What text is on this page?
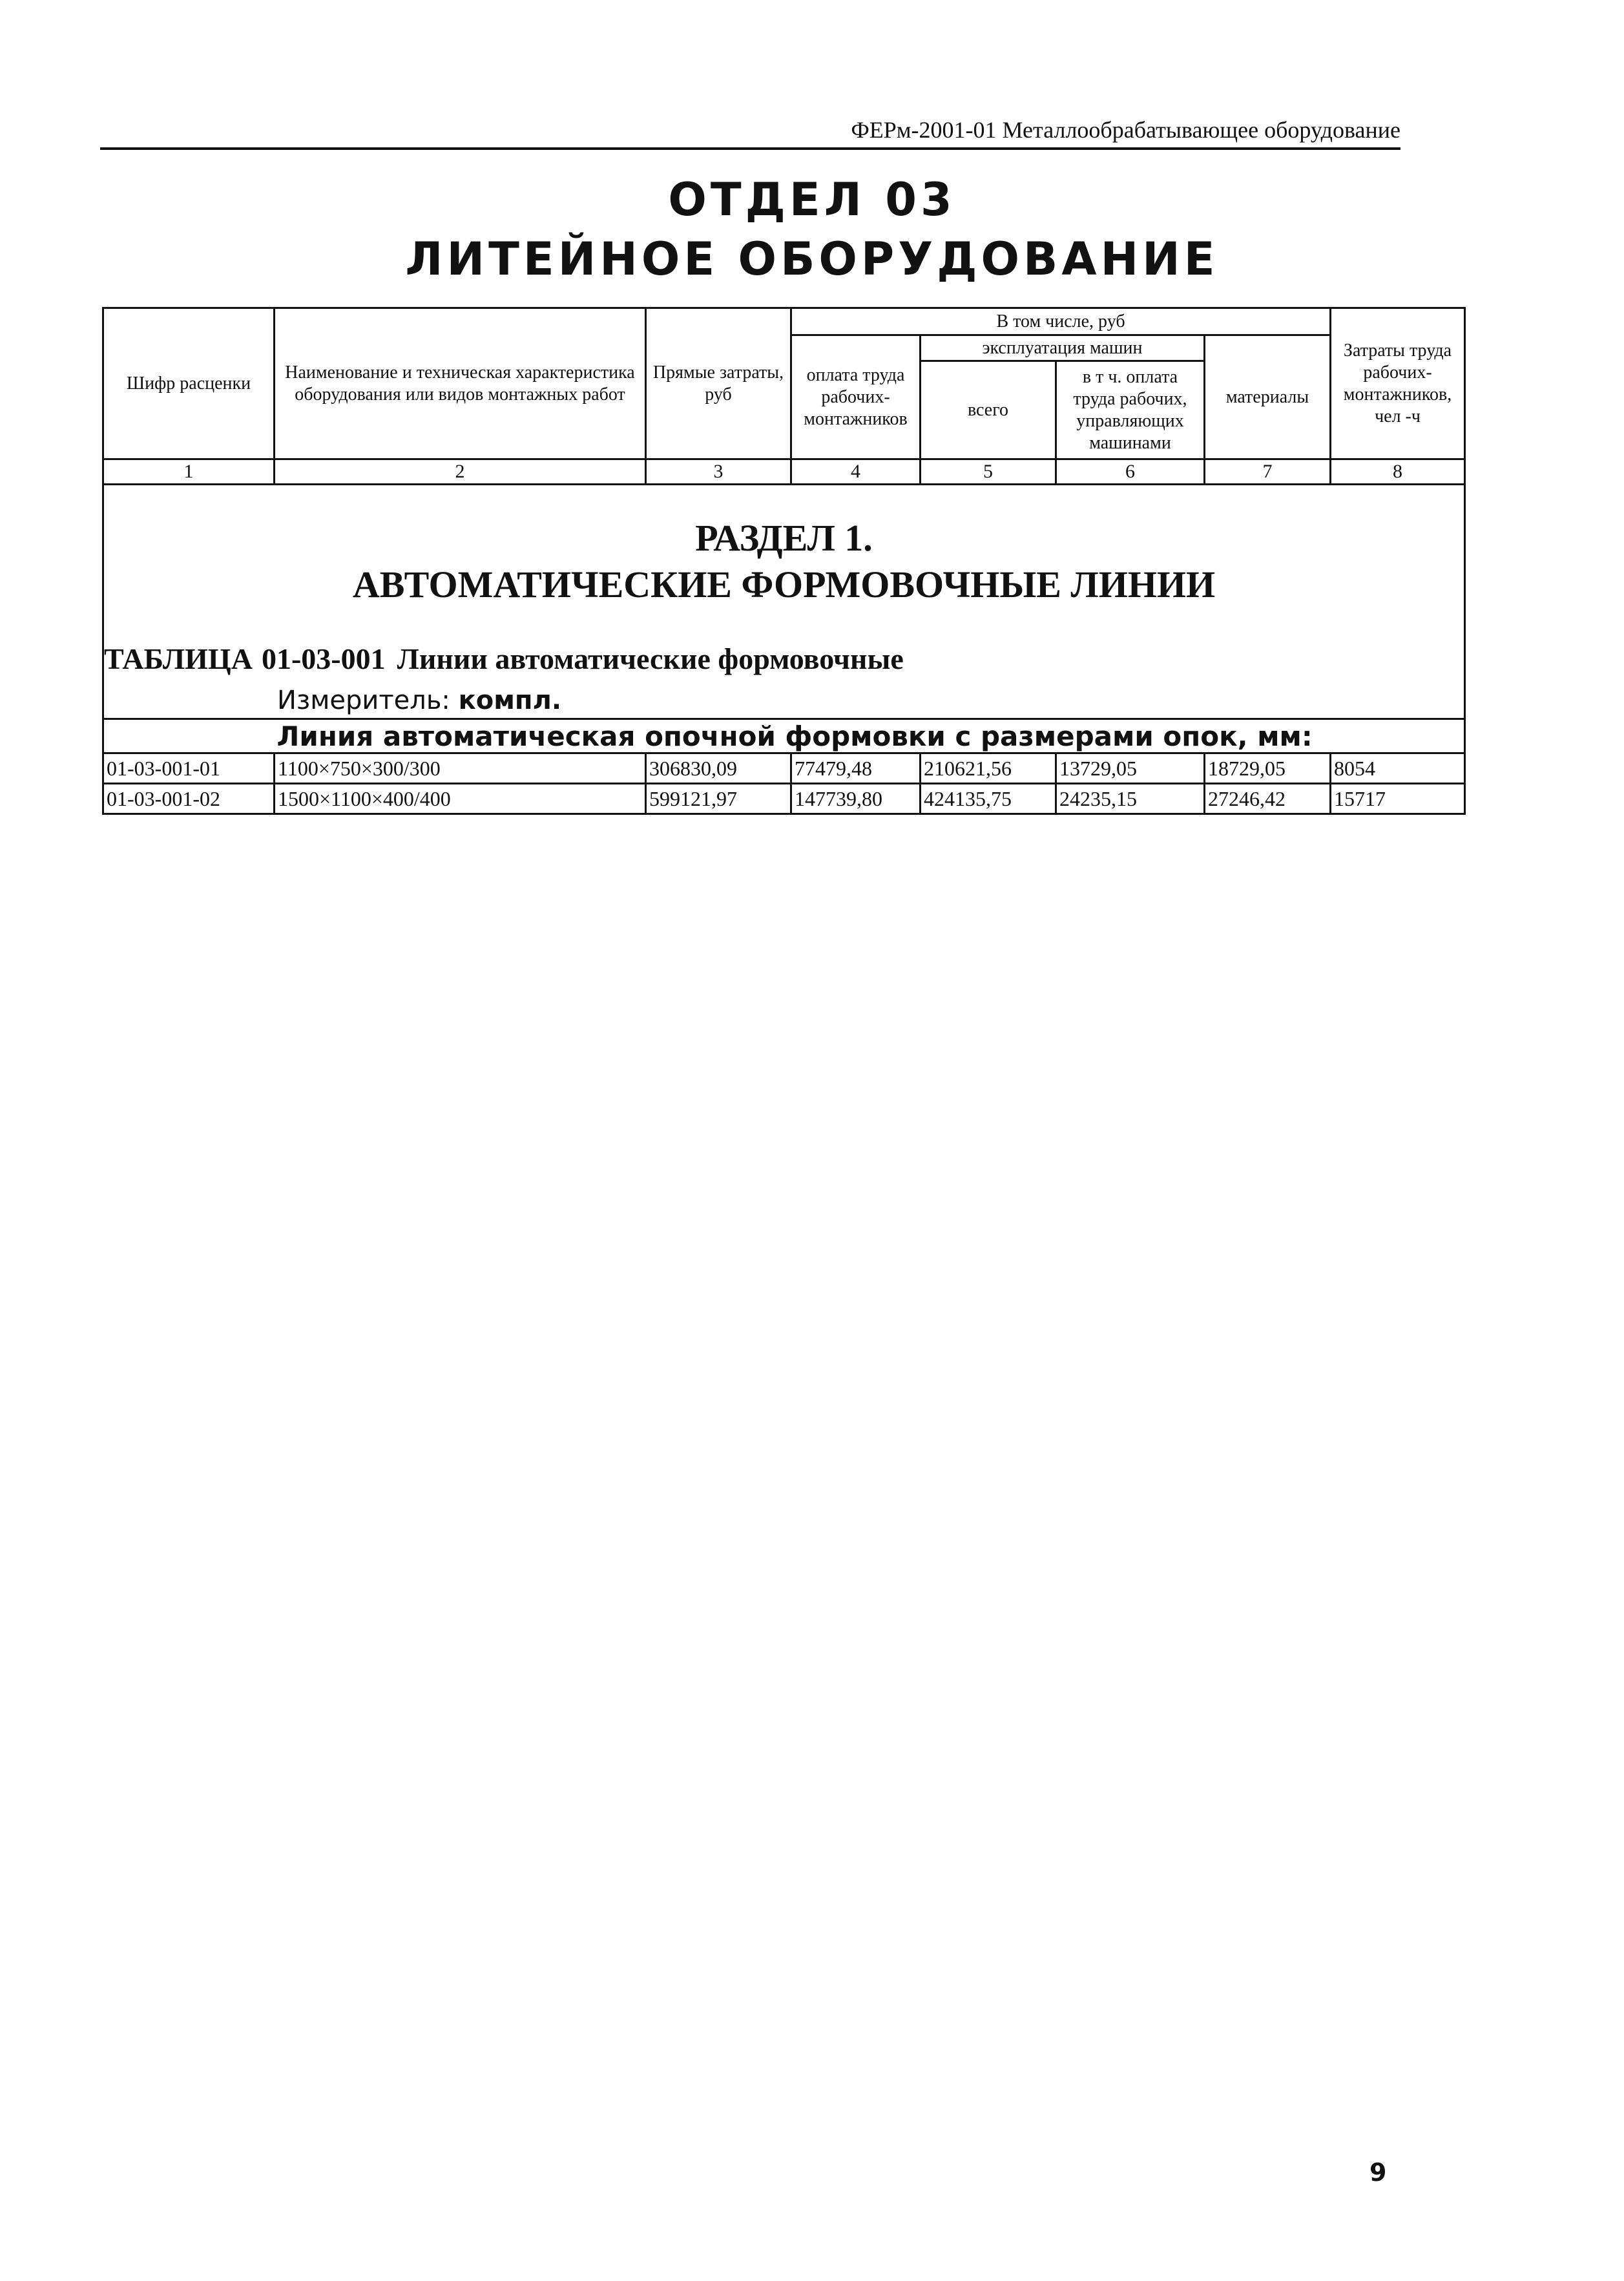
ФЕРм-2001-01 Металлообрабатывающее оборудование
ОТДЕЛ 03
ЛИТЕЙНОЕ ОБОРУДОВАНИЕ
Шифр расценки	Наименование и техническая характеристика оборудования или видов монтажных работ	Прямые затраты, руб	В том числе, руб				Затраты труда рабочих-монтажников, чел -ч
			оплата труда рабочих-монтажников	эксплуатация машин		материалы	
				всего	в т ч. оплата труда рабочих, управляющих машинами		
1	2	3	4	5	6	7	8

РАЗДЕЛ 1.
АВТОМАТИЧЕСКИЕ ФОРМОВОЧНЫЕ ЛИНИИ
ТАБЛИЦА 01-03-001 Линии автоматические формовочные
Измеритель: компл.							

	Линия автоматическая опочной формовки с размерами опок, мм:						
01-03-001-01	1100×750×300/300	306830,09	77479,48	210621,56	13729,05	18729,05	8054
01-03-001-02	1500×1100×400/400	599121,97	147739,80	424135,75	24235,15	27246,42	15717
9
